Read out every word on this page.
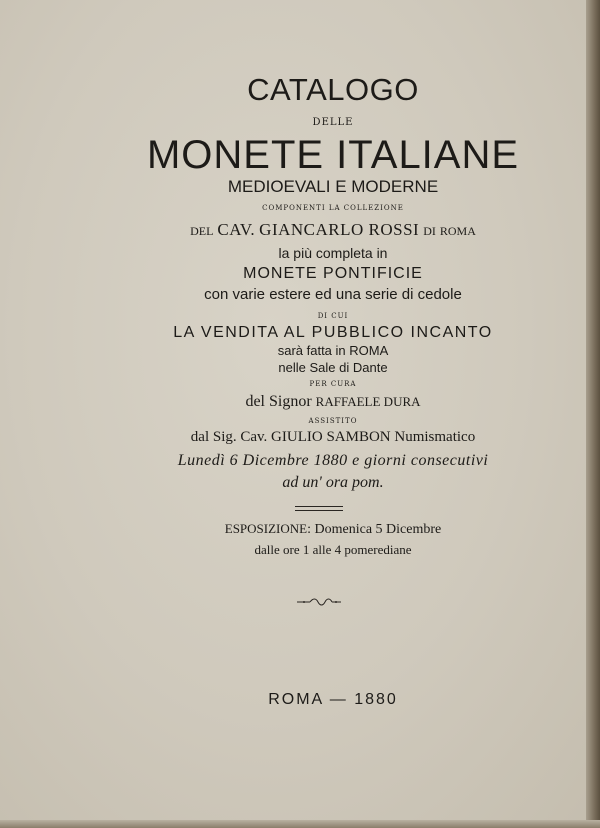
CATALOGO
DELLE
MONETE ITALIANE
MEDIOEVALI E MODERNE
COMPONENTI LA COLLEZIONE
DEL CAV. GIANCARLO ROSSI DI ROMA
la più completa in
MONETE PONTIFICIE
con varie estere ed una serie di cedole
DI CUI
LA VENDITA AL PUBBLICO INCANTO
sarà fatta in ROMA
nelle Sale di Dante
PER CURA
del Signor RAFFAELE DURA
ASSISTITO
dal Sig. Cav. GIULIO SAMBON Numismatico
Lunedì 6 Dicembre 1880 e giorni consecutivi
ad un' ora pom.
ESPOSIZIONE: Domenica 5 Dicembre
dalle ore 1 alle 4 pomerediane
ROMA — 1880
